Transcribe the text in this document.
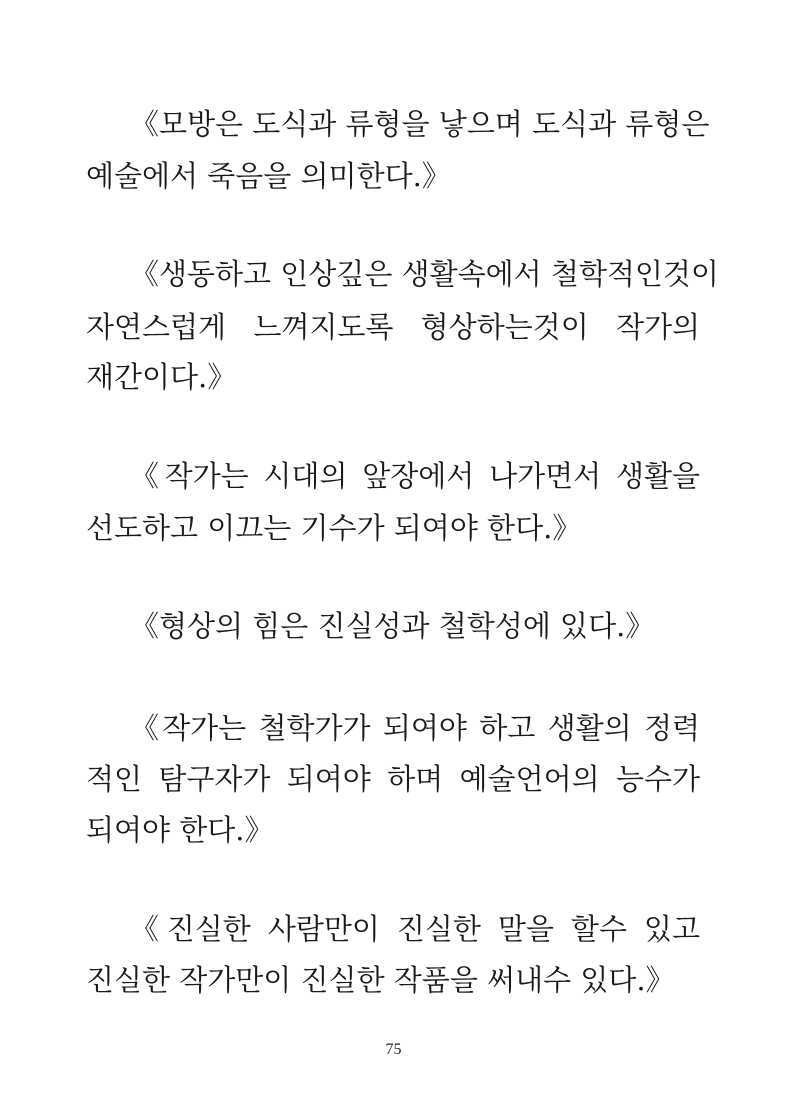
《모방은 도식과 류형을 낳으며 도식과 류형은
예술에서 죽음을 의미한다.》
《생동하고 인상깊은 생활속에서 철학적인것이
자연스럽게 느껴지도록 형상하는것이 작가의
재간이다.》
《작가는 시대의 앞장에서 나가면서 생활을
선도하고 이끄는 기수가 되여야 한다.》
《형상의 힘은 진실성과 철학성에 있다.》
《작가는 철학가가 되여야 하고 생활의 정력
적인 탐구자가 되여야 하며 예술언어의 능수가
되여야 한다.》
《진실한 사람만이 진실한 말을 할수 있고
진실한 작가만이 진실한 작품을 써내수 있다.》
75
